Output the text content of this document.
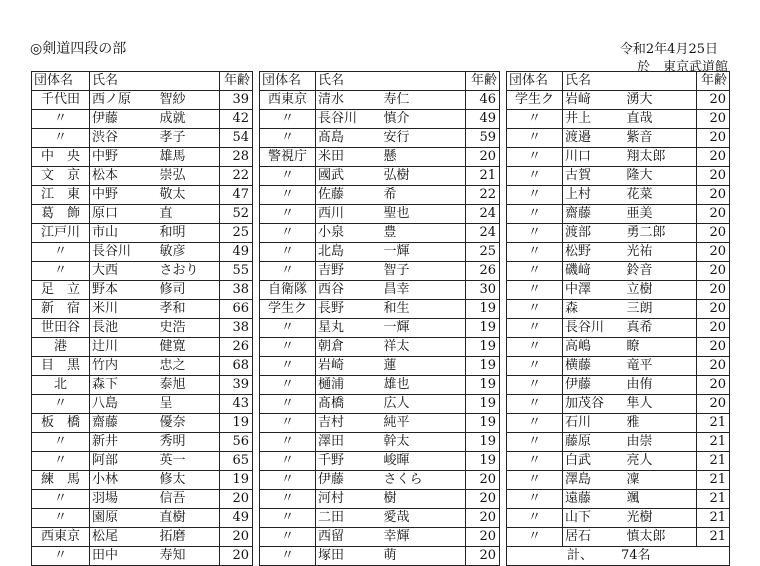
◎剣道四段の部	令和2年4月25日
於　東京武道館
団体名	氏名		年齢
千代田	西ノ原	智紗	39
〃	伊藤	成就	42
〃	渋谷	孝子	54
中　央	中野	雄馬	28
文　京	松本	崇弘	22
江　東	中野	敬太	47
葛　飾	原口	直	52
江戸川	市山	和明	25
〃	長谷川	敏彦	49
〃	大西	さおり	55
足　立	野本	修司	38
新　宿	米川	孝和	66
世田谷	長池	史浩	38
港	辻川	健寛	26
目　黒	竹内	忠之	68
北	森下	泰旭	39
〃	八島	呈	43
板　橋	齋藤	優奈	19
〃	新井	秀明	56
〃	阿部	英一	65
練　馬	小林	修太	19
〃	羽場	信吾	20
〃	園原	直樹	49
西東京	松尾	拓磨	20
〃	田中	寿知	20
団体名	氏名		年齢
西東京	清水	寿仁	46
〃	長谷川	慎介	49
〃	髙島	安行	59
警視庁	米田	懸	20
〃	國武	弘樹	21
〃	佐藤	希	22
〃	西川	聖也	24
〃	小泉	豊	24
〃	北島	一輝	25
〃	吉野	智子	26
自衛隊	西谷	昌幸	30
学生ク	長野	和生	19
〃	星丸	一輝	19
〃	朝倉	祥太	19
〃	岩崎	蓮	19
〃	樋浦	雄也	19
〃	髙橋	広人	19
〃	吉村	純平	19
〃	澤田	幹太	19
〃	千野	峻暉	19
〃	伊藤	さくら	20
〃	河村	樹	20
〃	二田	愛哉	20
〃	西留	幸輝	20
〃	塚田	萌	20
団体名	氏名		年齢
学生ク	岩﨑	湧大	20
〃	井上	直哉	20
〃	渡邉	紫音	20
〃	川口	翔太郎	20
〃	古賀	隆大	20
〃	上村	花菜	20
〃	齋藤	亜美	20
〃	渡部	勇二郎	20
〃	松野	光祐	20
〃	磯﨑	鈴音	20
〃	中澤	立樹	20
〃	森	三朗	20
〃	長谷川	真希	20
〃	高嶋	瞭	20
〃	横藤	竜平	20
〃	伊藤	由侑	20
〃	加茂谷	隼人	20
〃	石川	雅	21
〃	藤原	由崇	21
〃	白武	亮人	21
〃	澤島	凜	21
〃	遠藤	颯	21
〃	山下	光樹	21
〃	居石	慎太郎	21
計、 74名			
